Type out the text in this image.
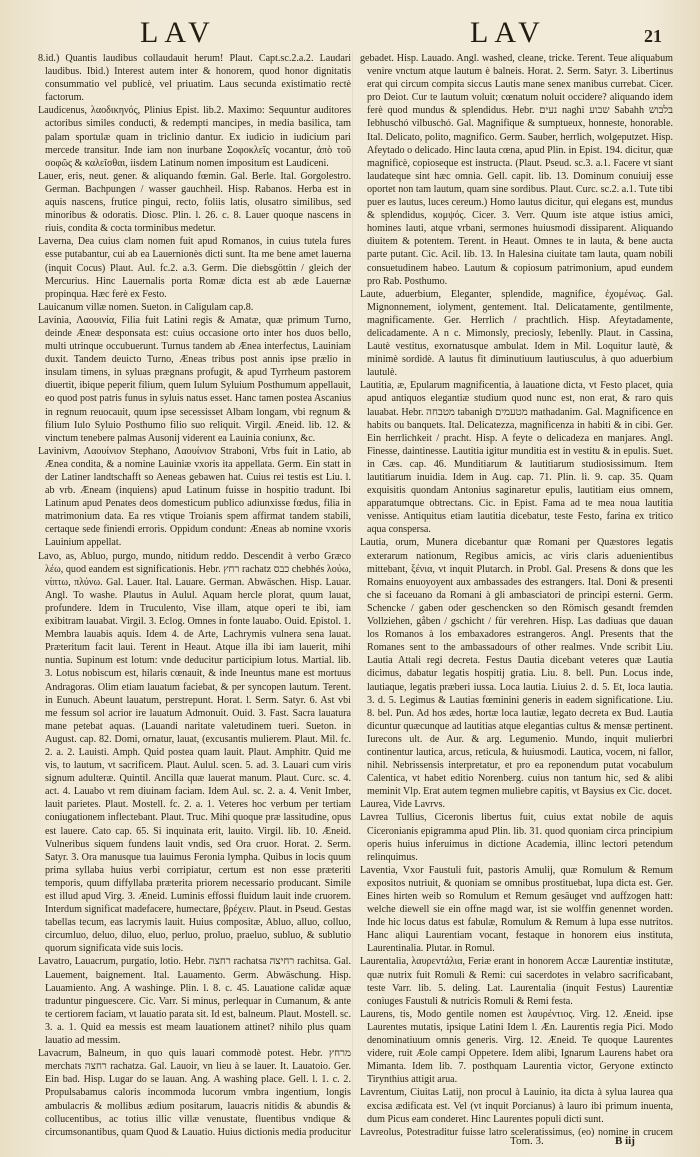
LAV	LAV	21

8.id.) Quantis laudibus collaudauit herum! Plaut. Capt.sc.2.a.2. Laudari laudibus. Ibid.) Interest autem inter & honorem, quod honor dignitatis consummatio vel publicè, vel priuatim. Laus secunda existimatio rectè factorum.

Laudicenus, λαοδικηνός, Plinius Epist. lib.2. Maximo: Sequuntur auditores actoribus similes conducti, & redempti mancipes, in media basilica, tam palam sportulæ quam in triclinio dantur. Ex iudicio in iudicium pari mercede transitur. Inde iam non inurbane Σοφοκλεῖς vocantur, ἀπὸ τοῦ σοφῶς & καλεῖσθαι, iisdem Latinum nomen impositum est Laudiceni.

Lauer, eris, neut. gener. & aliquando fœmin. Gal. Berle. Ital. Gorgolestro. German. Bachpungen / wasser gauchheil. Hisp. Rabanos. Herba est in aquis nascens, frutice pingui, recto, foliis latis, olusatro similibus, sed minoribus & odoratis. Diosc. Plin. l. 26. c. 8. Lauer quoque nascens in riuis, condita & cocta torminibus medetur.

Laverna, Dea cuius clam nomen fuit apud Romanos, in cuius tutela fures esse putabantur, cui ab ea Lauernionès dicti sunt. Ita me bene amet lauerna (inquit Cocus) Plaut. Aul. fc.2. a.3. Germ. Die diebsgöttin / gleich der Mercurius. Hinc Lauernalis porta Romæ dicta est ab æde Lauernæ propinqua. Hæc ferè ex Festo.

Lauicanum villæ nomen. Sueton. in Caligulam cap.8.

Lavinia, Λαουινία, Filia fuit Latini regis & Amatæ, quæ primum Turno, deinde Æneæ desponsata est: cuius occasione orto inter hos duos bello, multi utrinque occubuerunt. Turnus tandem ab Ænea interfectus, Lauiniam duxit. Tandem deuicto Turno, Æneas tribus post annis ipse prælio in insulam timens, in syluas prægnans profugit, & apud Tyrrheum pastorem diuertit, ibique peperit filium, quem Iulum Syluium Posthumum appellauit, eo quod post patris funus in syluis natus esset. Hanc tamen postea Ascanius in regnum reuocauit, quum ipse secessisset Albam longam, vbi regnum & filium Iulo Syluio Posthumo filio suo reliquit. Virgil. Æneid. lib. 12. & vinctum tenebere palmas Ausonij viderent ea Lauinia coniunx, &c.

Lavinivm, Λαουίνιον Stephano, Λαουίνιον Straboni, Vrbs fuit in Latio, ab Ænea condita, & a nomine Lauiniæ vxoris ita appellata. Germ. Ein statt in der Latiner landtschafft so Aeneas gebawen hat. Cuius rei testis est Liu. l. ab vrb. Æneam (inquiens) apud Latinum fuisse in hospitio tradunt. Ibi Latinum apud Penates deos domesticum publico adiunxisse fœdus, filia in matrimonium data. Ea res vtique Troianis spem affirmat tandem stabili, certaque sede finiendi erroris. Oppidum condunt: Æneas ab nomine vxoris Lauinium appellat.

Lavo, as, Abluo, purgo, mundo, nitidum reddo. Descendit à verbo Græco λέω, quod eandem est significationis. Hebr. רחץ rachatz כבס chebhés λούω, νίπτω, πλύνω. Gal. Lauer. Ital. Lauare. German. Abwäschen. Hisp. Lauar. Angl. To washe. Plautus in Aulul. Aquam hercle plorat, quum lauat, profundere. Idem in Truculento, Vise illam, atque operi te ibi, iam exibitram lauabat. Virgil. 3. Eclog. Omnes in fonte lauabo. Ouid. Epistol. 1. Membra lauabis aquis. Idem 4. de Arte, Lachrymis vulnera sena lauat. Præteritum facit laui. Terent in Heaut. Atque illa ibi iam lauerit, mihi nuntia. Supinum est lotum: vnde deducitur participium lotus. Martial. lib. 3. Lotus nobiscum est, hilaris cœnauit, & inde Ineuntus mane est mortuus Andragoras. Olim etiam lauatum faciebat, & per syncopen lautum. Terent. in Eunuch. Abeunt lauatum, perstrepunt. Horat. l. Serm. Satyr. 6. Ast vbi me fessum sol acrior ire lauatum Admonuit. Ouid. 3. Fast. Sacra lauatura mane petebat aquas. (Lauandi naritate valetudinem tueri. Sueton. in August. cap. 82. Domi, ornatur, lauat, (excusantis mulierem. Plaut. Mil. fc. 2. a. 2. Lauisti. Amph. Quid postea quam lauit. Plaut. Amphitr. Quid me vis, to lautum, vt sacrificem. Plaut. Aulul. scen. 5. ad. 3. Lauari cum viris signum adulteræ. Quintil. Ancilla quæ lauerat manum. Plaut. Curc. sc. 4. act. 4. Lauabo vt rem diuinam faciam. Idem Aul. sc. 2. a. 4. Venit Imber, lauit parietes. Plaut. Mostell. fc. 2. a. 1. Veteres hoc verbum per tertiam coniugationem inflectebant. Plaut. Truc. Mihi quoque præ lassitudine, opus est lauere. Cato cap. 65. Si inquinata erit, lauito. Virgil. lib. 10. Æneid. Vulneribus siquem fundens lauit vndis, sed Ora cruor. Horat. 2. Serm. Satyr. 3. Ora manusque tua lauimus Feronia lympha. Quibus in locis quum prima syllaba huius verbi corripiatur, certum est non esse præteriti temporis, quum diffyllaba præterita priorem necessario producant. Simile est illud apud Virg. 3. Æneid. Luminis effossi fluidum lauit inde cruorem. Interdum significat madefacere, humectare, βρέχειν. Plaut. in Pseud. Gestas tabellas tecum, eas lacrymis lauit. Huius compositæ, Abluo, alluo, colluo, circumluo, deluo, diluo, eluo, perluo, proluo, praeluo, subluo, & sublutio quorum significata vide suis locis.

Lavatro, Lauacrum, purgatio, lotio. Hebr. רחצה rachatsa רחיצה rachitsa. Gal. Lauement, baignement. Ital. Lauamento. Germ. Abwäschung. Hisp. Lauamiento. Ang. A washinge. Plin. l. 8. c. 45. Lauatione calidæ aquæ traduntur pinguescere. Cic. Varr. Si minus, perlequar in Cumanum, & ante te certiorem faciam, vt lauatio parata sit. Id est, balneum. Plaut. Mostell. sc. 3. a. 1. Quid ea messis est meam lauationem attinet? nihilo plus quam lauatio ad messim.

Lavacrum, Balneum, in quo quis lauari commodè potest. Hebr. מרחץ merchats רחצה rachatza. Gal. Lauoir, vn lieu à se lauer. It. Lauatoio. Ger. Ein bad. Hisp. Lugar do se lauan. Ang. A washing place. Gell. l. 1. c. 2. Propulsabamus caloris incommoda lucorum vmbra ingentium, longis ambulacris & mollibus ædium positarum, lauacris nitidis & abundis & collucentibus, ac totius illic villæ venustate, fluentibus vndique & circumsonantibus, quam Quod & Lauatio. Huius dictionis media producitur

gebadet. Hisp. Lauado. Angl. washed, cleane, tricke. Terent. Teue aliquabum venire vnctum atque lautum è balneis. Horat. 2. Serm. Satyr. 3. Libertinus erat qui circum compita siccus Lautis mane senex manibus currebat. Cicer. pro Deiot. Cur te lautum voluit; cœnatum noluit occidere? aliquando idem ferè quod mundus & splendidus. Hebr. נעים naghi שבוע Sabahh בלבוש Iebhuschó vilbuschó. Gal. Magnifique & sumptueux, honneste, honorable. Ital. Delicato, polito, magnifico. Germ. Sauber, herrlich, wolgeputzet. Hisp. Afeytado o delicado. Hinc lauta cœna, apud Plin. in Epist. 194. dicitur, quæ magnificè, copioseque est instructa. (Plaut. Pseud. sc.3. a.1. Facere vt siant laudateque sint hæc omnia. Gell. capit. lib. 13. Dominum conuiuij esse oportet non tam lautum, quam sine sordibus. Plaut. Curc. sc.2. a.1. Tute tibi puer es lautus, luces cereum.) Homo lautus dicitur, qui elegans est, mundus & splendidus, κομψός. Cicer. 3. Verr. Quum iste atque istius amici, homines lauti, atque vrbani, sermones huiusmodi dissiparent. Aliquando diuitem & potentem. Terent. in Heaut. Omnes te in lauta, & bene aucta parte putant. Cic. Acil. lib. 13. In Halesina ciuitate tam lauta, quam nobili consuetudinem habeo. Lautum & copiosum patrimonium, apud eundem pro Rab. Posthumo.

Laute, aduerbium, Eleganter, splendide, magnifice, ἐχομένως. Gal. Mignonnement, iolyment, gentement. Ital. Delicatamente, gentilmente, magnificamente. Ger. Herrlich / prachtlich. Hisp. Afeytadamente, delicadamente. A n c. Mimonsly, preciosly, Iebenlly. Plaut. in Cassina, Lautè vestitus, exornatusque ambulat. Idem in Mil. Loquitur lautè, & minimè sordidè. A lautus fit diminutiuum lautiusculus, à quo aduerbium lautulè.

Lautitia, æ, Epularum magnificentia, à lauatione dicta, vt Festo placet, quia apud antiquos elegantiæ studium quod nunc est, non erat, & raro quis lauabat. Hebr. מטבחה tabanigh מטעמים mathadanim. Gal. Magnificence en habits ou banquets. Ital. Delicatezza, magnificenza in habiti & in cibi. Ger. Ein herrlichkeit / pracht. Hisp. A feyte o delicadeza en manjares. Angl. Finesse, daintinesse. Lautitia igitur munditia est in vestitu & in epulis. Suet. in Cæs. cap. 46. Munditiarum & lautitiarum studiosissimum. Item lautitiarum inuidia. Idem in Aug. cap. 71. Plin. li. 9. cap. 35. Quam exquisitis quondam Antonius saginaretur epulis, lautitiam eius omnem, apparatumque obtrectans. Cic. in Epist. Fama ad te mea noua lautitia venisse. Antiquitus etiam lautitia dicebatur, teste Festo, farina ex tritico aqua conspersa.

Lautia, orum, Munera dicebantur quæ Romani per Quæstores legatis exterarum nationum, Regibus amicis, ac viris claris aduenientibus mittebant, ξένια, vt inquit Plutarch. in Probl. Gal. Presens & dons que les Romains enuoyoyent aux ambassades des estrangers. Ital. Doni & presenti che si faceuano da Romani à gli ambasciatori de principi esterni. Germ. Schencke / gaben oder geschencken so den Römisch gesandt fremden Vollziehen, gåben / gschicht / für verehren. Hisp. Las dadiuas que dauan los Romanos à los embaxadores estrangeros. Angl. Presents that the Romanes sent to the ambassadours of other realmes. Vnde scribit Liu. Lautia Attali regi decreta. Festus Dautia dicebant veteres quæ Lautia dicimus, dabatur legatis hospitij gratia. Liu. 8. bell. Pun. Locus inde, lautiaque, legatis præberi iussa. Loca lautia. Liuius 2. d. 5. Et, loca lautia. 3. d. 5. Legimus & Lautias fœminini generis in eadem significatione. Liu. 8. bel. Pun. Ad hos ædes, hortæ loca lautiæ, legato decreta ex Bud. Lautia dicuntur quæcunque ad lautitias atque elegantias cultus & mensæ pertinent. Iurecons ult. de Aur. & arg. Legumenio. Mundo, inquit mulierbri continentur lautica, arcus, reticula, & huiusmodi. Lautica, vocem, ni fallor, nihil. Nebrissensis interpretatur, et pro ea reponendum putat vocabulum Calentica, vt habet editio Norenberg. cuius non tantum hic, sed & alibi meminit Vlp. Erat autem tegmen muliebre capitis, vt Baysius ex Cic. docet.

Laurea, Vide Lavrvs.

Lavrea Tullius, Ciceronis libertus fuit, cuius extat nobile de aquis Ciceronianis epigramma apud Plin. lib. 31. quod quoniam circa principium operis huius inferuimus in dictione Academia, illinc lectori petendum relinquimus.

Laventia, Vxor Faustuli fuit, pastoris Amulij, quæ Romulum & Remum expositos nutriuit, & quoniam se omnibus prostituebat, lupa dicta est. Ger. Eines hirten weib so Romulum et Remum gesäuget vnd auffzogen hatt: welche diewell sie ein offne magd war, ist sie wolffin genennet worden. Inde hic locus datus est fabulæ, Romulum & Remum à lupa esse nutritos. Hanc aliqui Laurentiam vocant, festaque in honorem eius instituta, Laurentinalia. Plutar. in Romul.

Laurentalia, λαυρεντάλια, Feriæ erant in honorem Accæ Laurentiæ institutæ, quæ nutrix fuit Romuli & Remi: cui sacerdotes in velabro sacrificabant, teste Varr. lib. 5. deling. Lat. Laurentalia (inquit Festus) Laurentiæ coniuges Faustuli & nutricis Romuli & Remi festa.

Laurens, tis, Modo gentile nomen est λαυρέντιος. Virg. 12. Æneid. ipse Laurentes mutatis, ipsique Latini Idem l. Æn. Laurentis regia Pici. Modo denominatiuum omnis generis. Virg. 12. Æneid. Te quoque Laurentes videre, ruit Æole campi Oppetere. Idem alibi, Ignarum Laurens habet ora Mimanta. Idem lib. 7. posthquam Laurentia victor, Geryone extincto Tirynthius attigit arua.

Lavrentum, Ciuitas Latij, non procul à Lauinio, ita dicta à sylua laurea qua excisa ædificata est. Vel (vt inquit Porcianus) à lauro ibi primum inuenta, dum Picus eam conderet. Hinc Laurentes populi dicti sunt.

Lavreolus, Potestraditur fuisse latro sceleratissimus, (eo) nomine in crucem

Tom. 3.	B iij
